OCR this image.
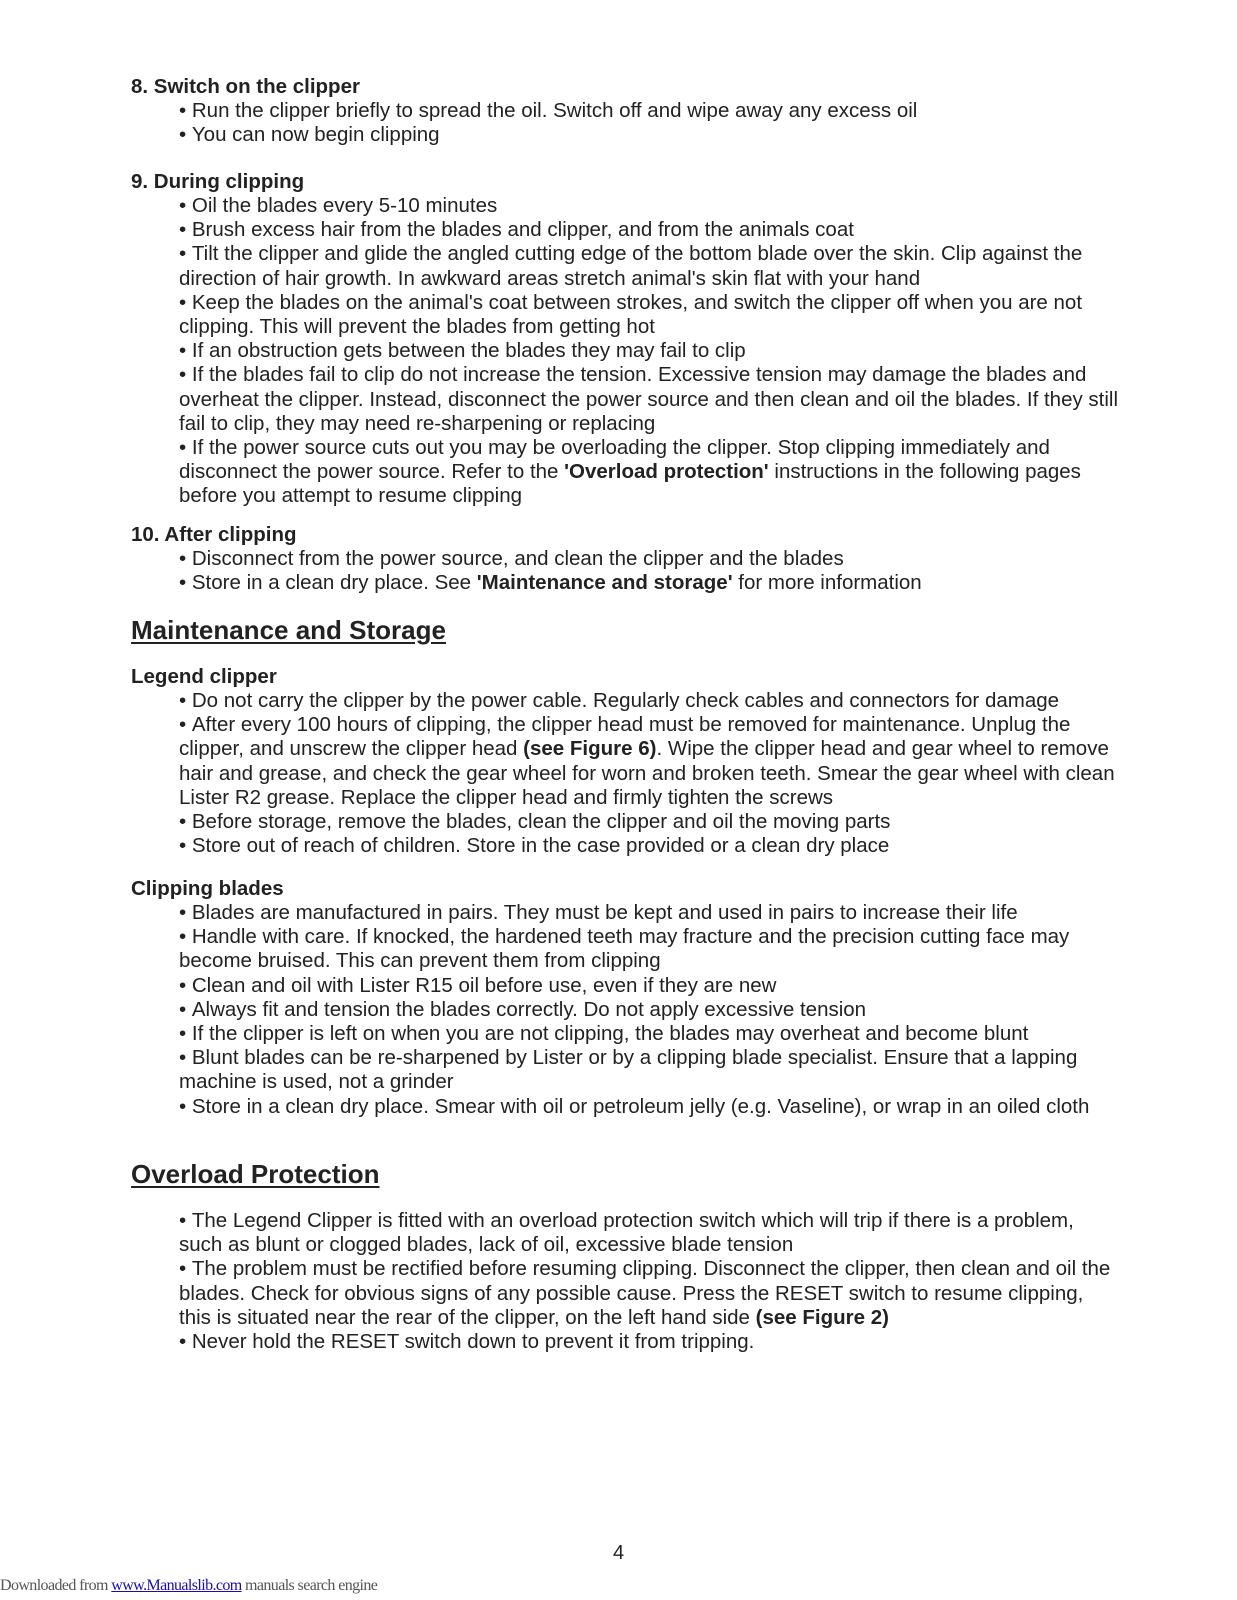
8. Switch on the clipper
• Run the clipper briefly to spread the oil. Switch off and wipe away any excess oil
• You can now begin clipping
9. During clipping
• Oil the blades every 5-10 minutes
• Brush excess hair from the blades and clipper, and from the animals coat
• Tilt the clipper and glide the angled cutting edge of the bottom blade over the skin. Clip against the direction of hair growth. In awkward areas stretch animal's skin flat with your hand
• Keep the blades on the animal's coat between strokes, and switch the clipper off when you are not clipping. This will prevent the blades from getting hot
• If an obstruction gets between the blades they may fail to clip
• If the blades fail to clip do not increase the tension. Excessive tension may damage the blades and overheat the clipper. Instead, disconnect the power source and then clean and oil the blades. If they still fail to clip, they may need re-sharpening or replacing
• If the power source cuts out you may be overloading the clipper. Stop clipping immediately and disconnect the power source. Refer to the 'Overload protection' instructions in the following pages before you attempt to resume clipping
10. After clipping
• Disconnect from the power source, and clean the clipper and the blades
• Store in a clean dry place. See 'Maintenance and storage' for more information
Maintenance and Storage
Legend clipper
• Do not carry the clipper by the power cable. Regularly check cables and connectors for damage
• After every 100 hours of clipping, the clipper head must be removed for maintenance. Unplug the clipper, and unscrew the clipper head (see Figure 6). Wipe the clipper head and gear wheel to remove hair and grease, and check the gear wheel for worn and broken teeth. Smear the gear wheel with clean Lister R2 grease. Replace the clipper head and firmly tighten the screws
• Before storage, remove the blades, clean the clipper and oil the moving parts
• Store out of reach of children. Store in the case provided or a clean dry place
Clipping blades
• Blades are manufactured in pairs. They must be kept and used in pairs to increase their life
• Handle with care. If knocked, the hardened teeth may fracture and the precision cutting face may become bruised. This can prevent them from clipping
• Clean and oil with Lister R15 oil before use, even if they are new
• Always fit and tension the blades correctly. Do not apply excessive tension
• If the clipper is left on when you are not clipping, the blades may overheat and become blunt
• Blunt blades can be re-sharpened by Lister or by a clipping blade specialist. Ensure that a lapping machine is used, not a grinder
• Store in a clean dry place. Smear with oil or petroleum jelly (e.g. Vaseline), or wrap in an oiled cloth
Overload Protection
• The Legend Clipper is fitted with an overload protection switch which will trip if there is a problem, such as blunt or clogged blades, lack of oil, excessive blade tension
• The problem must be rectified before resuming clipping. Disconnect the clipper, then clean and oil the blades. Check for obvious signs of any possible cause. Press the RESET switch to resume clipping, this is situated near the rear of the clipper, on the left hand side (see Figure 2)
• Never hold the RESET switch down to prevent it from tripping.
4
Downloaded from www.Manualslib.com manuals search engine
